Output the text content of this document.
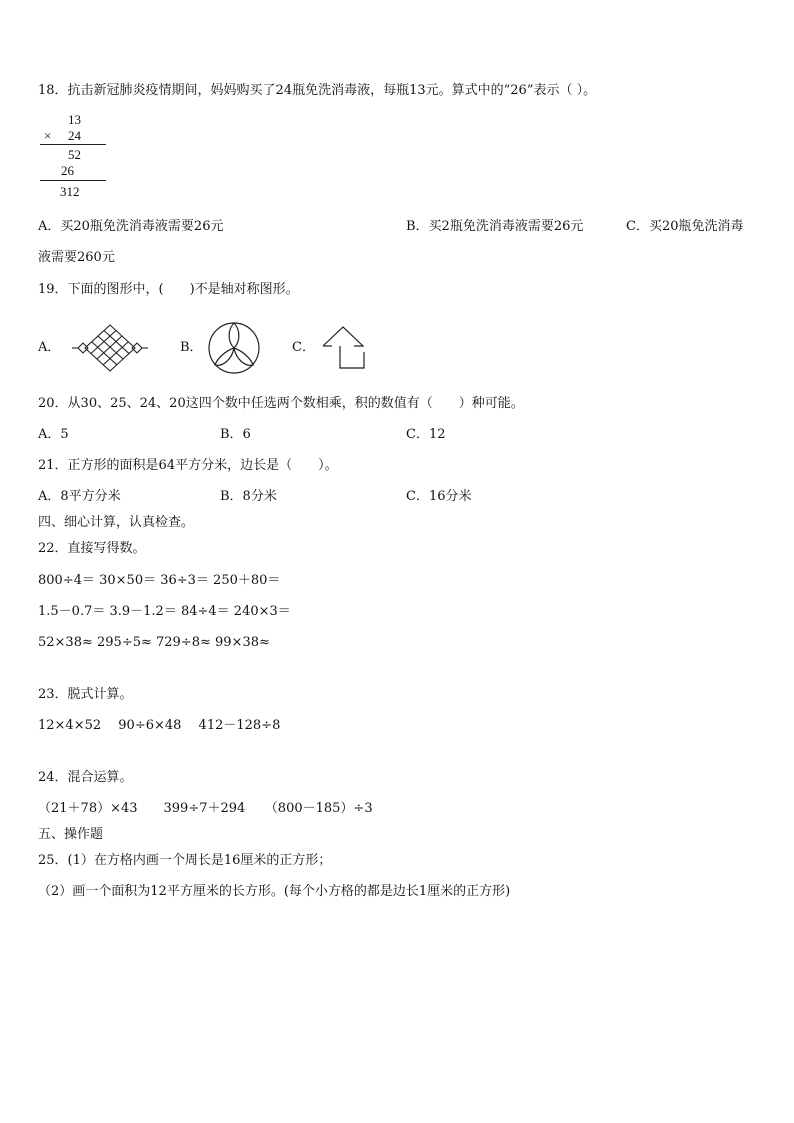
18．抗击新冠肺炎疫情期间，妈妈购买了24瓶免洗消毒液，每瓶13元。算式中的“26”表示（ ）。
13
× 24
52
26
312
A．买20瓶免洗消毒液需要26元	B．买2瓶免洗消毒液需要26元	C．买20瓶免洗消毒
液需要260元
19．下面的图形中，(　　)不是轴对称图形。
A．	B．	C．
20．从30、25、24、20这四个数中任选两个数相乘，积的数值有（　　）种可能。
A．5	B．6	C．12
21．正方形的面积是64平方分米，边长是（　　）。
A．8平方分米	B．8分米	C．16分米
四、细心计算，认真检查。
22．直接写得数。
800÷4＝ 30×50＝ 36÷3＝ 250＋80＝
1.5－0.7＝ 3.9－1.2＝ 84÷4＝ 240×3＝
52×38≈ 295÷5≈ 729÷8≈ 99×38≈
23．脱式计算。
12×4×52　 90÷6×48　 412－128÷8
24．混合运算。
（21＋78）×43　　399÷7＋294　　（800－185）÷3
五、操作题
25．(1）在方格内画一个周长是16厘米的正方形；
（2）画一个面积为12平方厘米的长方形。(每个小方格的都是边长1厘米的正方形)
